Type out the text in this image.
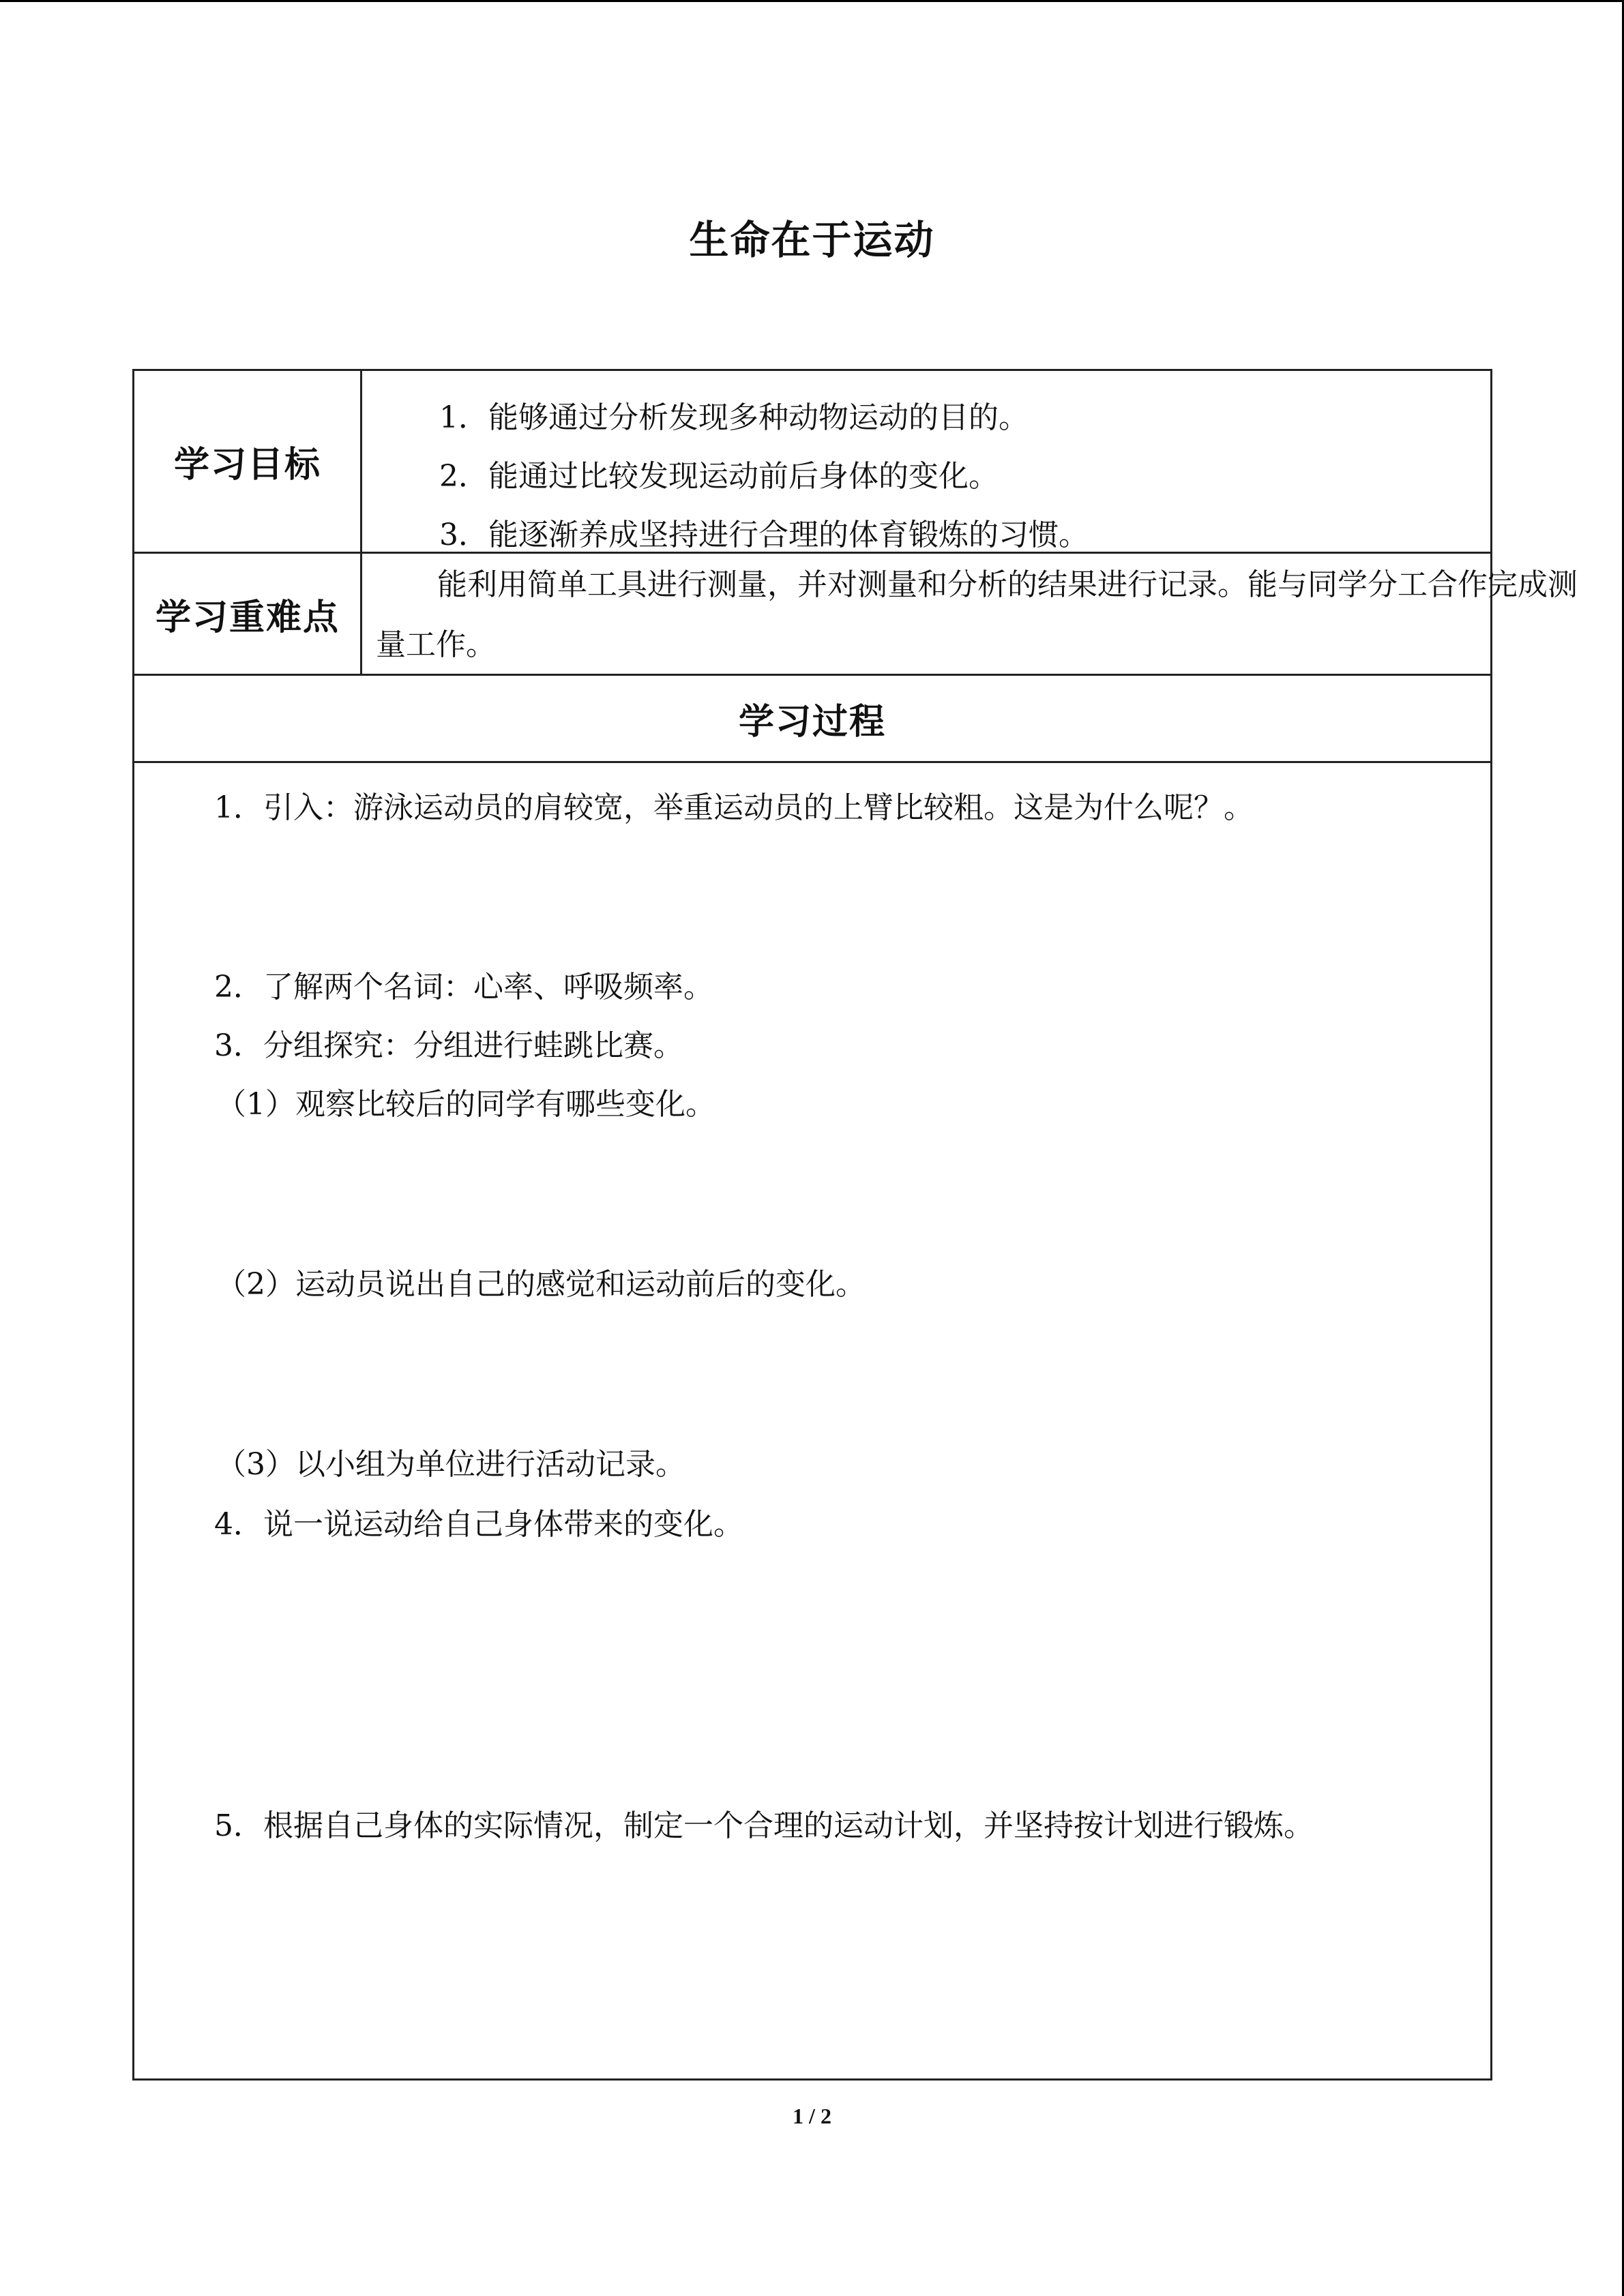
生命在于运动
学习目标
1．能够通过分析发现多种动物运动的目的。
2．能通过比较发现运动前后身体的变化。
3．能逐渐养成坚持进行合理的体育锻炼的习惯。
学习重难点
能利用简单工具进行测量，并对测量和分析的结果进行记录。能与同学分工合作完成测量工作。
学习过程
1．引入：游泳运动员的肩较宽，举重运动员的上臂比较粗。这是为什么呢？。
2．了解两个名词：心率、呼吸频率。
3．分组探究：分组进行蛙跳比赛。
（1）观察比较后的同学有哪些变化。
（2）运动员说出自己的感觉和运动前后的变化。
（3）以小组为单位进行活动记录。
4．说一说运动给自己身体带来的变化。
5．根据自己身体的实际情况，制定一个合理的运动计划，并坚持按计划进行锻炼。
1 / 2
